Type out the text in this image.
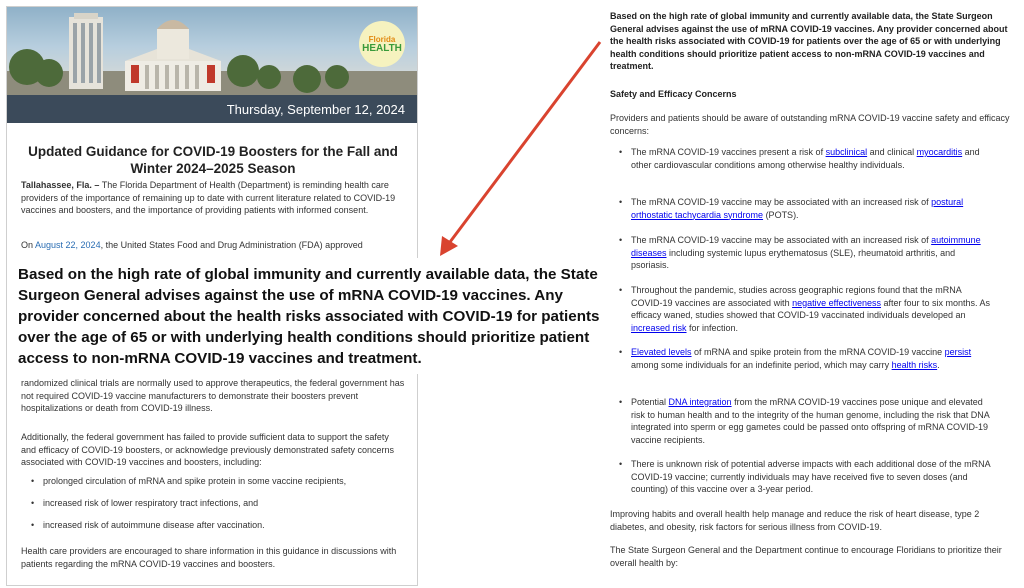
Florida
HEALTH
Thursday, September 12, 2024
Updated Guidance for COVID-19 Boosters for the Fall and
Winter 2024–2025 Season
Tallahassee, Fla. – The Florida Department of Health (Department) is reminding health care providers of the importance of remaining up to date with current literature related to COVID-19 vaccines and boosters, and the importance of providing patients with informed consent.
On August 22, 2024, the United States Food and Drug Administration (FDA) approved
randomized clinical trials are normally used to approve therapeutics, the federal government has not required COVID-19 vaccine manufacturers to demonstrate their boosters prevent hospitalizations or death from COVID-19 illness.
Additionally, the federal government has failed to provide sufficient data to support the safety and efficacy of COVID-19 boosters, or acknowledge previously demonstrated safety concerns associated with COVID-19 vaccines and boosters, including:
• prolonged circulation of mRNA and spike protein in some vaccine recipients,
• increased risk of lower respiratory tract infections, and
• increased risk of autoimmune disease after vaccination.
Health care providers are encouraged to share information in this guidance in discussions with patients regarding the mRNA COVID-19 vaccines and boosters.
Based on the high rate of global immunity and currently available data, the State Surgeon General advises against the use of mRNA COVID-19 vaccines. Any provider concerned about the health risks associated with COVID-19 for patients over the age of 65 or with underlying health conditions should prioritize patient access to non-mRNA COVID-19 vaccines and treatment.
Safety and Efficacy Concerns
Providers and patients should be aware of outstanding mRNA COVID-19 vaccine safety and efficacy concerns:
• The mRNA COVID-19 vaccines present a risk of subclinical and clinical myocarditis and other cardiovascular conditions among otherwise healthy individuals.
• The mRNA COVID-19 vaccine may be associated with an increased risk of postural orthostatic tachycardia syndrome (POTS).
• The mRNA COVID-19 vaccine may be associated with an increased risk of autoimmune diseases including systemic lupus erythematosus (SLE), rheumatoid arthritis, and psoriasis.
• Throughout the pandemic, studies across geographic regions found that the mRNA COVID-19 vaccines are associated with negative effectiveness after four to six months. As efficacy waned, studies showed that COVID-19 vaccinated individuals developed an increased risk for infection.
• Elevated levels of mRNA and spike protein from the mRNA COVID-19 vaccine persist among some individuals for an indefinite period, which may carry health risks.
• Potential DNA integration from the mRNA COVID-19 vaccines pose unique and elevated risk to human health and to the integrity of the human genome, including the risk that DNA integrated into sperm or egg gametes could be passed onto offspring of mRNA COVID-19 vaccine recipients.
• There is unknown risk of potential adverse impacts with each additional dose of the mRNA COVID-19 vaccine; currently individuals may have received five to seven doses (and counting) of this vaccine over a 3-year period.
Improving habits and overall health help manage and reduce the risk of heart disease, type 2 diabetes, and obesity, risk factors for serious illness from COVID-19.
The State Surgeon General and the Department continue to encourage Floridians to prioritize their overall health by:
Based on the high rate of global immunity and currently available data, the State Surgeon General advises against the use of mRNA COVID-19 vaccines. Any provider concerned about the health risks associated with COVID-19 for patients over the age of 65 or with underlying health conditions should prioritize patient access to non-mRNA COVID-19 vaccines and treatment.
